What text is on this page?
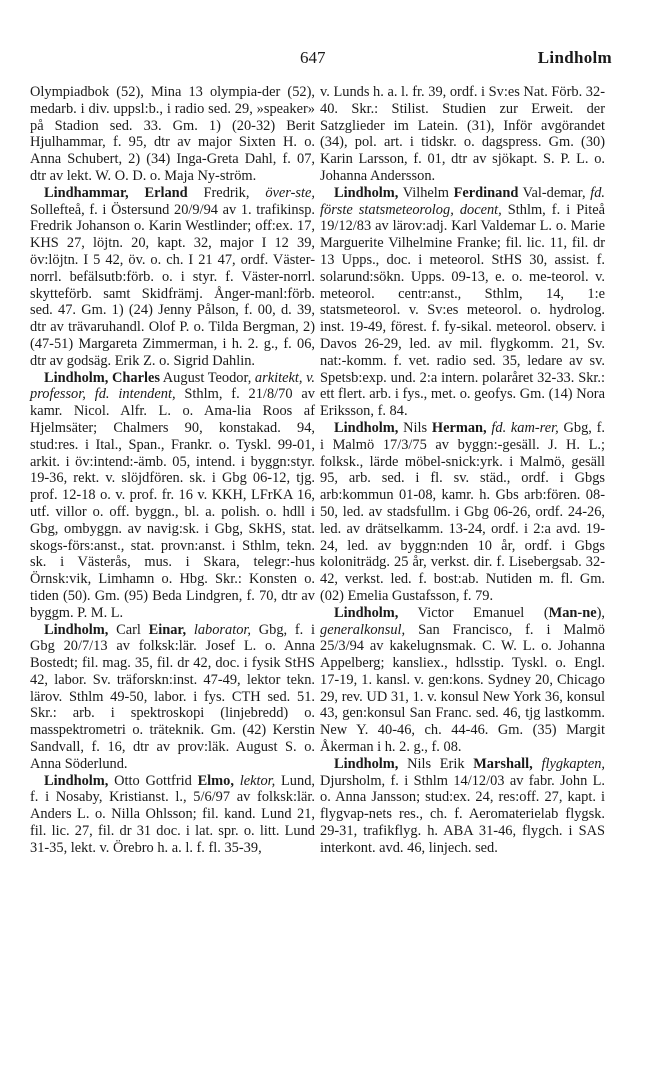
647	Lindholm

Olympiadbok (52), Mina 13 olympia-der (52), medarb. i div. uppsl:b., i radio sed. 29, »speaker» på Stadion sed. 33. Gm. 1) (20-32) Berit Hjulhammar, f. 95, dtr av major Sixten H. o. Anna Schubert, 2) (34) Inga-Greta Dahl, f. 07, dtr av lekt. W. O. D. o. Maja Ny-ström.

Lindhammar, Erland Fredrik, över-ste, Sollefteå, f. i Östersund 20/9/94 av 1. trafikinsp. Fredrik Johanson o. Karin Westlinder; off:ex. 17, KHS 27, löjtn. 20, kapt. 32, major I 12 39, öv:löjtn. I 5 42, öv. o. ch. I 21 47, ordf. Väster-norrl. befälsutb:förb. o. i styr. f. Väster-norrl. skytteförb. samt Skidfrämj. Ånger-manl:förb. sed. 47. Gm. 1) (24) Jenny Pålson, f. 00, d. 39, dtr av trävaruhandl. Olof P. o. Tilda Bergman, 2) (47-51) Margareta Zimmerman, i h. 2. g., f. 06, dtr av godsäg. Erik Z. o. Sigrid Dahlin.

Lindholm, Charles August Teodor, arkitekt, v. professor, fd. intendent, Sthlm, f. 21/8/70 av kamr. Nicol. Alfr. L. o. Ama-lia Roos af Hjelmsäter; Chalmers 90, konstakad. 94, stud:res. i Ital., Span., Frankr. o. Tyskl. 99-01, arkit. i öv:intend:-ämb. 05, intend. i byggn:styr. 19-36, rekt. v. slöjdfören. sk. i Gbg 06-12, tjg. prof. 12-18 o. v. prof. fr. 16 v. KKH, LFrKA 16, utf. villor o. off. byggn., bl. a. polish. o. hdll i Gbg, ombyggn. av navig:sk. i Gbg, SkHS, stat. skogs-förs:anst., stat. provn:anst. i Sthlm, tekn. sk. i Västerås, mus. i Skara, telegr:-hus Örnsk:vik, Limhamn o. Hbg. Skr.: Konsten o. tiden (50). Gm. (95) Beda Lindgren, f. 70, dtr av byggm. P. M. L.

Lindholm, Carl Einar, laborator, Gbg, f. i Gbg 20/7/13 av folksk:lär. Josef L. o. Anna Bostedt; fil. mag. 35, fil. dr 42, doc. i fysik StHS 42, labor. Sv. träforskn:inst. 47-49, lektor tekn. lärov. Sthlm 49-50, labor. i fys. CTH sed. 51. Skr.: arb. i spektroskopi (linjebredd) o. masspektrometri o. träteknik. Gm. (42) Kerstin Sandvall, f. 16, dtr av prov:läk. August S. o. Anna Söderlund.

Lindholm, Otto Gottfrid Elmo, lektor, Lund, f. i Nosaby, Kristianst. l., 5/6/97 av folksk:lär. Anders L. o. Nilla Ohlsson; fil. kand. Lund 21, fil. lic. 27, fil. dr 31 doc. i lat. spr. o. litt. Lund 31-35, lekt. v. Örebro h. a. l. f. fl. 35-39,

v. Lunds h. a. l. fr. 39, ordf. i Sv:es Nat. Förb. 32-40. Skr.: Stilist. Studien zur Erweit. der Satzglieder im Latein. (31), Inför avgörandet (34), pol. art. i tidskr. o. dagspress. Gm. (30) Karin Larsson, f. 01, dtr av sjökapt. S. P. L. o. Johanna Andersson.

Lindholm, Vilhelm Ferdinand Val-demar, fd. förste statsmeteorolog, docent, Sthlm, f. i Piteå 19/12/83 av lärov:adj. Karl Valdemar L. o. Marie Marguerite Vilhelmine Franke; fil. lic. 11, fil. dr 13 Upps., doc. i meteorol. StHS 30, assist. f. solarund:sökn. Upps. 09-13, e. o. me-teorol. v. meteorol. centr:anst., Sthlm, 14, 1:e statsmeteorol. v. Sv:es meteorol. o. hydrolog. inst. 19-49, förest. f. fy-sikal. meteorol. observ. i Davos 26-29, led. av mil. flygkomm. 21, Sv. nat:-komm. f. vet. radio sed. 35, ledare av sv. Spetsb:exp. und. 2:a intern. polaråret 32-33. Skr.: ett flert. arb. i fys., met. o. geofys. Gm. (14) Nora Eriksson, f. 84.

Lindholm, Nils Herman, fd. kam-rer, Gbg, f. i Malmö 17/3/75 av byggn:-gesäll. J. H. L.; folksk., lärde möbel-snick:yrk. i Malmö, gesäll 95, arb. sed. i fl. sv. städ., ordf. i Gbgs arb:kommun 01-08, kamr. h. Gbs arb:fören. 08-50, led. av stadsfullm. i Gbg 06-26, ordf. 24-26, led. av drätselkamm. 13-24, ordf. i 2:a avd. 19-24, led. av byggn:nden 10 år, ordf. i Gbgs koloniträdg. 25 år, verkst. dir. f. Lisebergsab. 32-42, verkst. led. f. bost:ab. Nutiden m. fl. Gm. (02) Emelia Gustafsson, f. 79.

Lindholm, Victor Emanuel (Man-ne), generalkonsul, San Francisco, f. i Malmö 25/3/94 av kakelugnsmak. C. W. L. o. Johanna Appelberg; kansliex., hdlsstip. Tyskl. o. Engl. 17-19, 1. kansl. v. gen:kons. Sydney 20, Chicago 29, rev. UD 31, 1. v. konsul New York 36, konsul 43, gen:konsul San Franc. sed. 46, tjg lastkomm. New Y. 40-46, ch. 44-46. Gm. (35) Margit Åkerman i h. 2. g., f. 08.

Lindholm, Nils Erik Marshall, flygkapten, Djursholm, f. i Sthlm 14/12/03 av fabr. John L. o. Anna Jansson; stud:ex. 24, res:off. 27, kapt. i flygvap-nets res., ch. f. Aeromaterielab flygsk. 29-31, trafikflyg. h. ABA 31-46, flygch. i SAS interkont. avd. 46, linjech. sed.
